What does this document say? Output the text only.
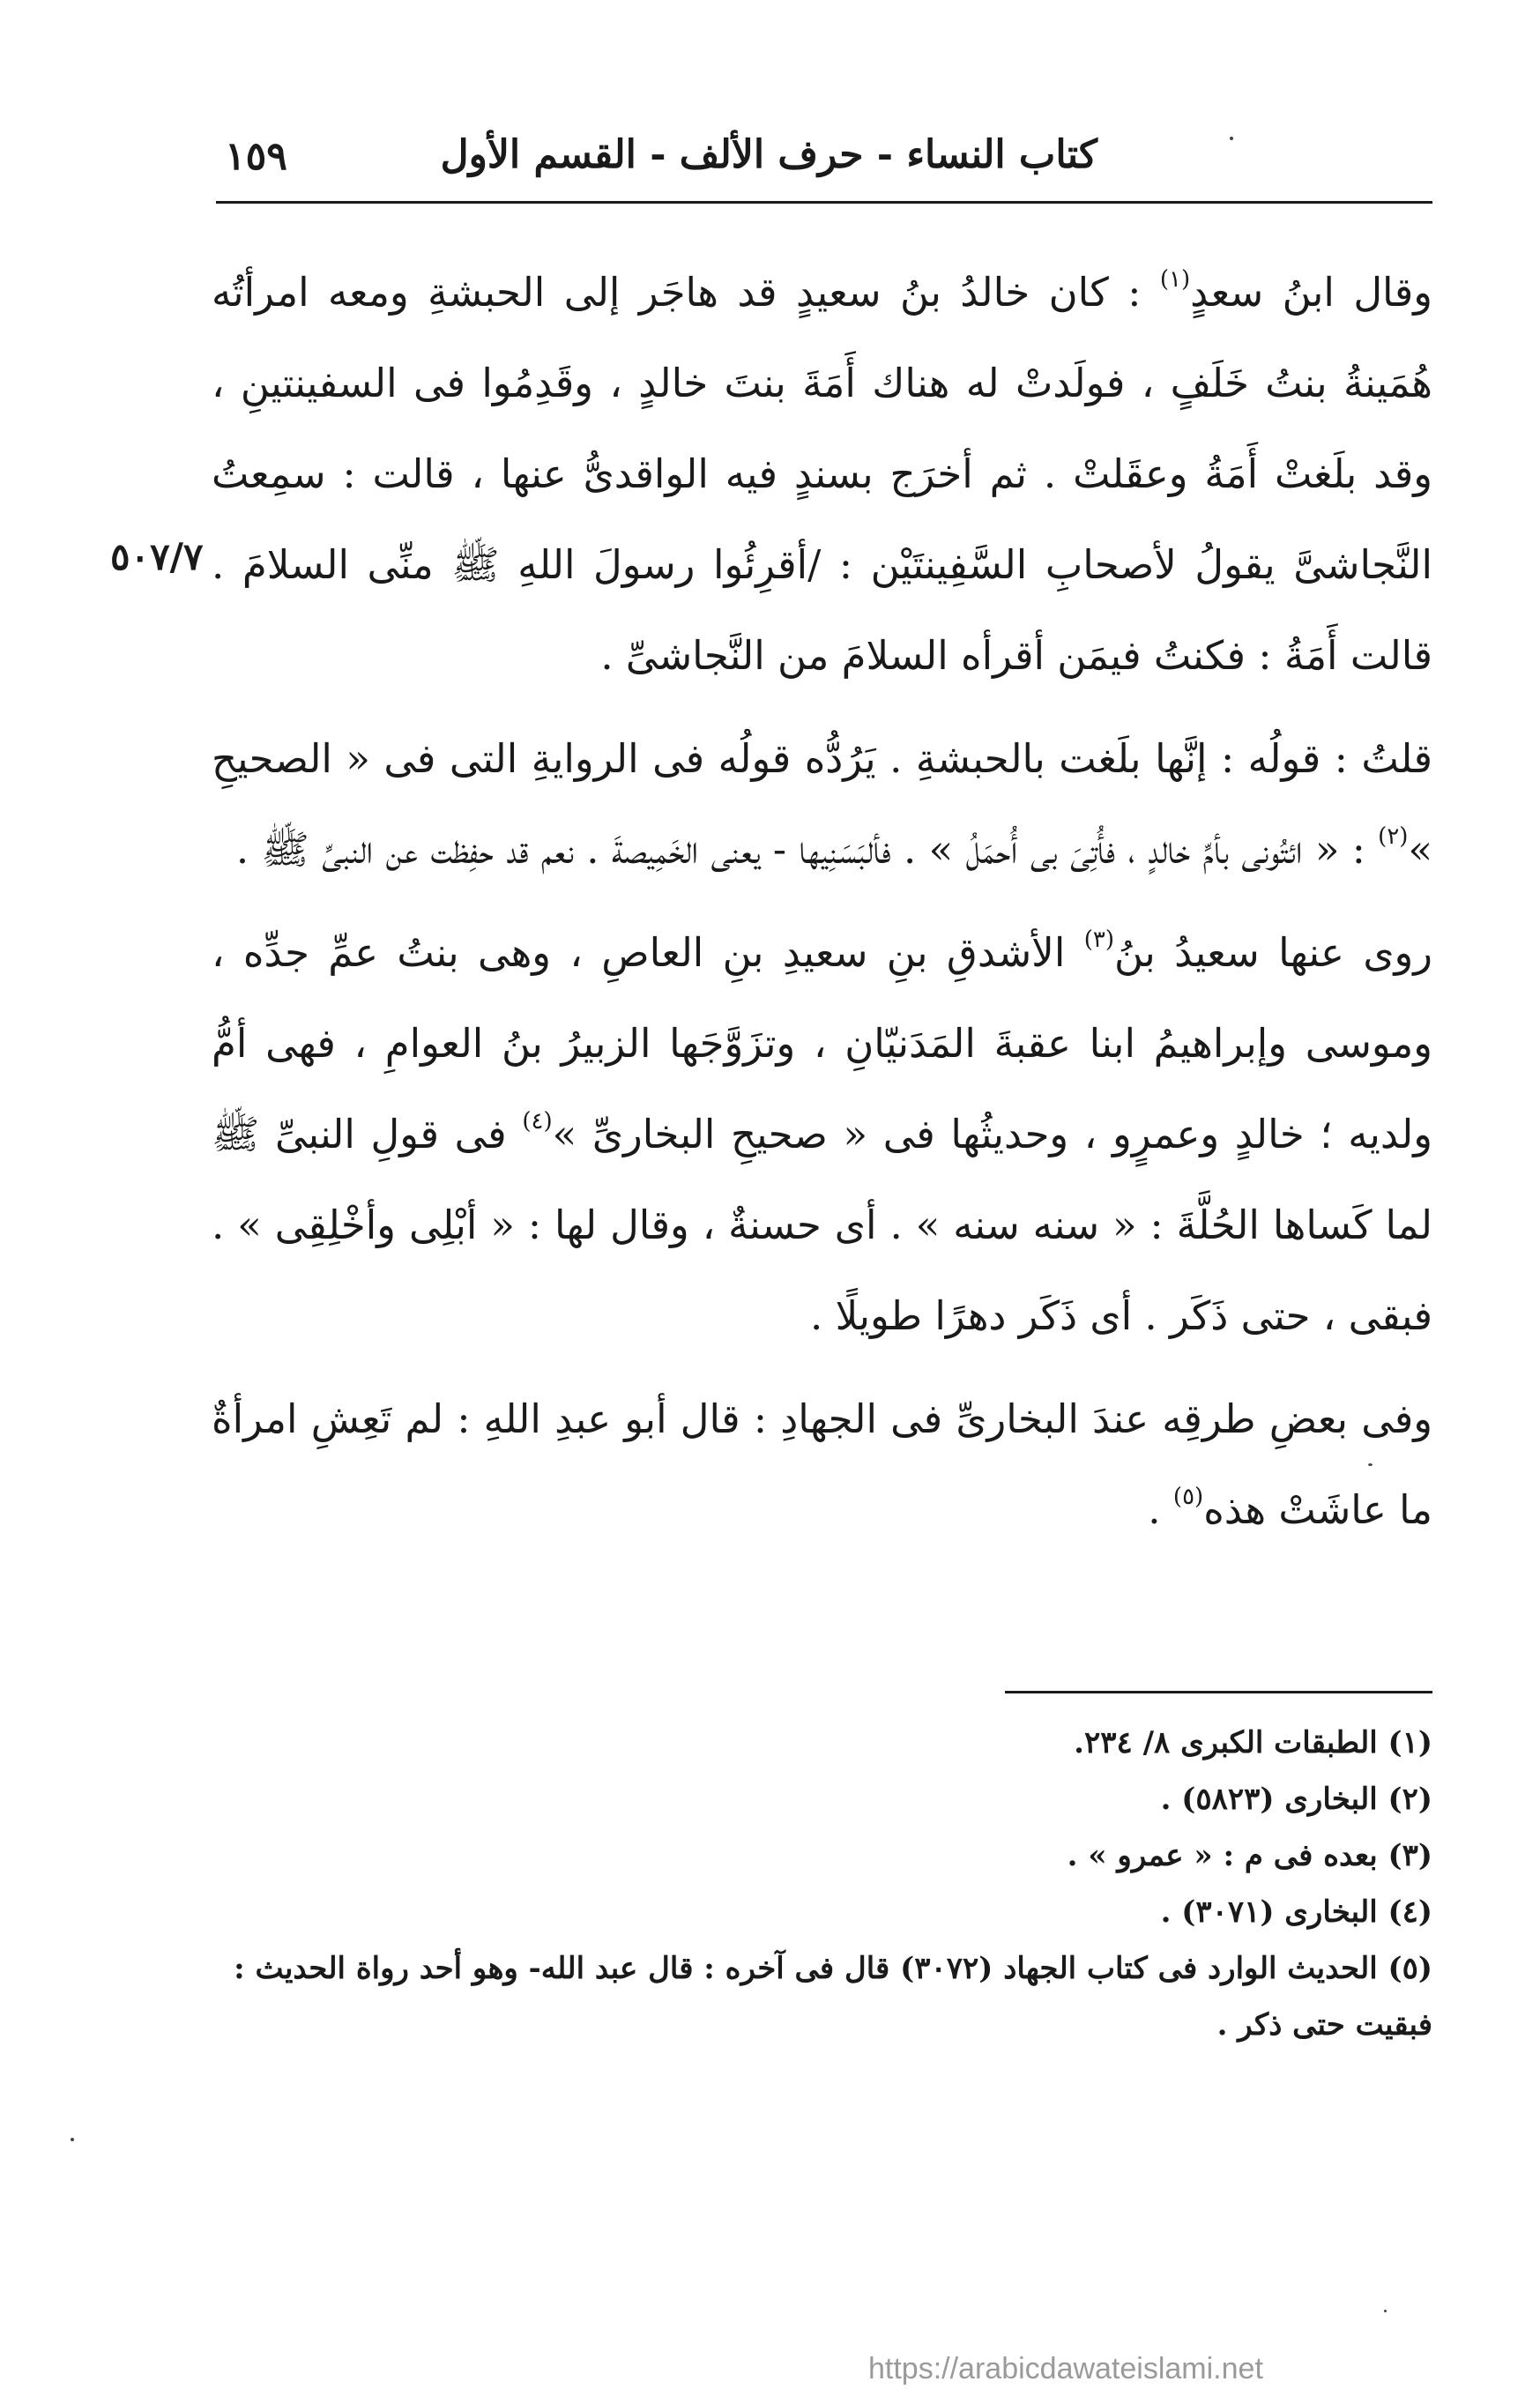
١٥٩	كتاب النساء - حرف الألف - القسم الأول
٥٠٧/٧

وقال ابنُ سعدٍ$^{(١)}$ : كان خالدُ بنُ سعيدٍ قد هاجَر إلى الحبشةِ ومعه امرأتُه هُمَينةُ بنتُ خَلَفٍ ، فولَدتْ له هناك أَمَةَ بنتَ خالدٍ ، وقَدِمُوا فى السفينتينِ ، وقد بلَغتْ أَمَةُ وعقَلتْ . ثم أخرَج بسندٍ فيه الواقدىُّ عنها ، قالت : سمِعتُ النَّجاشىَّ يقولُ لأصحابِ السَّفِينتَيْن : /أقرِئُوا رسولَ اللهِ ﷺ منِّى السلامَ . قالت أَمَةُ : فكنتُ فيمَن أقرأه السلامَ من النَّجاشىِّ .

قلتُ : قولُه : إنَّها بلَغت بالحبشةِ . يَرُدُّه قولُه فى الروايةِ التى فى « الصحيحِ »$^{(٢)}$ : « ائتُونى بأمِّ خالدٍ ، فأُتِىَ بى أُحمَلُ » . فألبَسَنِيها - يعنى الخَمِيصةَ . نعم قد حفِظت عن النبىِّ ﷺ .

روى عنها سعيدُ بنُ$^{(٣)}$ الأشدقِ بنِ سعيدِ بنِ العاصِ ، وهى بنتُ عمِّ جدِّه ، وموسى وإبراهيمُ ابنا عقبةَ المَدَنيّانِ ، وتزَوَّجَها الزبيرُ بنُ العوامِ ، فهى أمُّ ولديه ؛ خالدٍ وعمرٍو ، وحديثُها فى « صحيحِ البخارىِّ »$^{(٤)}$ فى قولِ النبىِّ ﷺ لما كَساها الحُلَّةَ : « سنه سنه » . أى حسنةٌ ، وقال لها : « أبْلِى وأخْلِقِى » . فبقى ، حتى ذَكَر . أى ذَكَر دهرًا طويلًا .

وفى بعضِ طرقِه عندَ البخارىِّ فى الجهادِ : قال أبو عبدِ اللهِ : لم تَعِشِ امرأةٌ ما عاشَتْ هذه$^{(٥)}$ .

(١) الطبقات الكبرى ٨/ ٢٣٤.

(٢) البخارى (٥٨٢٣) .

(٣) بعده فى م : « عمرو » .

(٤) البخارى (٣٠٧١) .

(٥) الحديث الوارد فى كتاب الجهاد (٣٠٧٢) قال فى آخره : قال عبد الله- وهو أحد رواة الحديث : فبقيت حتى ذكر .

https://arabicdawateislami.net
